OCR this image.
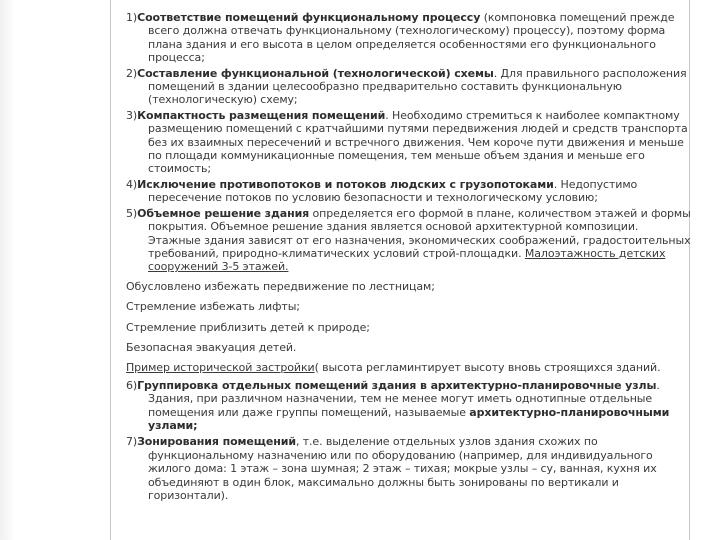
1)Соответствие помещений функциональному процессу (компоновка помещений прежде всего должна отвечать функциональному (технологическому) процессу), поэтому форма плана здания и его высота в целом определяется особенностями его функционального процесса;

2)Составление функциональной (технологической) схемы. Для правильного расположения помещений в здании целесообразно предварительно составить функциональную (технологическую) схему;

3)Компактность размещения помещений. Необходимо стремиться к наиболее компактному размещению помещений с кратчайшими путями передвижения людей и средств транспорта без их взаимных пересечений и встречного движения. Чем короче пути движения и меньше по площади коммуникационные помещения, тем меньше объем здания и меньше его стоимость;

4)Исключение противопотоков и потоков людских с грузопотоками. Недопустимо пересечение потоков по условию безопасности и технологическому условию;

5)Объемное решение здания определяется его формой в плане, количеством этажей и формы покрытия. Объемное решение здания является основой архитектурной композиции. Этажные здания зависят от его назначения, экономических соображений, градостоительных требований, природно-климатических условий строй-площадки. Малоэтажность детских сооружений 3-5 этажей.

Обусловлено избежать передвижение по лестницам;

Стремление избежать лифты;

Стремление приблизить детей к природе;

Безопасная эвакуация детей.

Пример исторической застройки( высота регламинтирует высоту вновь строящихся зданий.

6)Группировка отдельных помещений здания в архитектурно-планировочные узлы. Здания, при различном назначении, тем не менее могут иметь однотипные отдельные помещения или даже группы помещений, называемые архитектурно-планировочными узлами;

7)Зонирования помещений, т.е. выделение отдельных узлов здания схожих по функциональному назначению или по оборудованию (например, для индивидуального жилого дома: 1 этаж – зона шумная; 2 этаж – тихая; мокрые узлы – су, ванная, кухня их объединяют в один блок, максимально должны быть зонированы по вертикали и горизонтали).
